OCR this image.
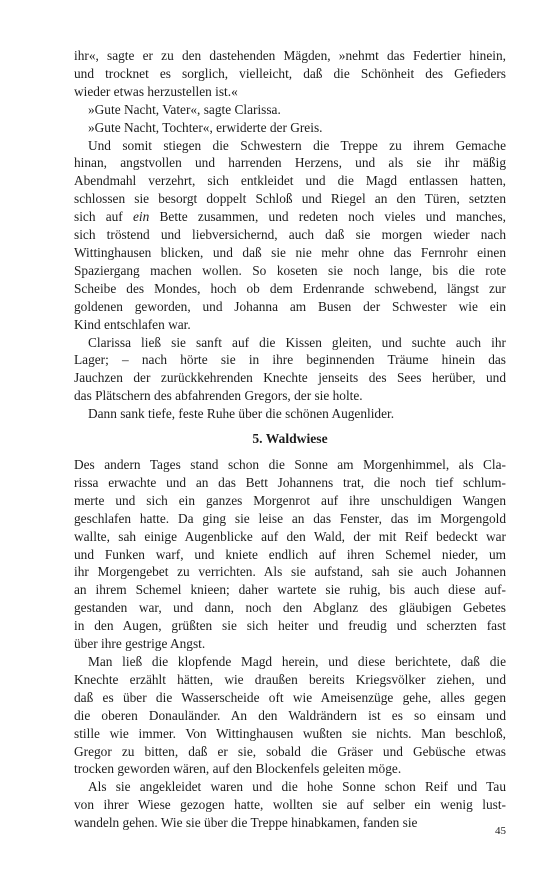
ihr«, sagte er zu den dastehenden Mägden, »nehmt das Federtier hinein,
und trocknet es sorglich, vielleicht, daß die Schönheit des Gefieders
wieder etwas herzustellen ist.«
»Gute Nacht, Vater«, sagte Clarissa.
»Gute Nacht, Tochter«, erwiderte der Greis.
Und somit stiegen die Schwestern die Treppe zu ihrem Gemache
hinan, angstvollen und harrenden Herzens, und als sie ihr mäßig
Abendmahl verzehrt, sich entkleidet und die Magd entlassen hatten,
schlossen sie besorgt doppelt Schloß und Riegel an den Türen, setzten
sich auf ein Bette zusammen, und redeten noch vieles und manches,
sich tröstend und liebversichernd, auch daß sie morgen wieder nach
Wittinghausen blicken, und daß sie nie mehr ohne das Fernrohr einen
Spaziergang machen wollen. So koseten sie noch lange, bis die rote
Scheibe des Mondes, hoch ob dem Erdenrande schwebend, längst zur
goldenen geworden, und Johanna am Busen der Schwester wie ein
Kind entschlafen war.
Clarissa ließ sie sanft auf die Kissen gleiten, und suchte auch ihr
Lager; – nach hörte sie in ihre beginnenden Träume hinein das
Jauchzen der zurückkehrenden Knechte jenseits des Sees herüber, und
das Plätschern des abfahrenden Gregors, der sie holte.
Dann sank tiefe, feste Ruhe über die schönen Augenlider.
5. Waldwiese
Des andern Tages stand schon die Sonne am Morgenhimmel, als Cla-
rissa erwachte und an das Bett Johannens trat, die noch tief schlum-
merte und sich ein ganzes Morgenrot auf ihre unschuldigen Wangen
geschlafen hatte. Da ging sie leise an das Fenster, das im Morgengold
wallte, sah einige Augenblicke auf den Wald, der mit Reif bedeckt war
und Funken warf, und kniete endlich auf ihren Schemel nieder, um
ihr Morgengebet zu verrichten. Als sie aufstand, sah sie auch Johannen
an ihrem Schemel knieen; daher wartete sie ruhig, bis auch diese auf-
gestanden war, und dann, noch den Abglanz des gläubigen Gebetes
in den Augen, grüßten sie sich heiter und freudig und scherzten fast
über ihre gestrige Angst.
Man ließ die klopfende Magd herein, und diese berichtete, daß die
Knechte erzählt hätten, wie draußen bereits Kriegsvölker ziehen, und
daß es über die Wasserscheide oft wie Ameisenzüge gehe, alles gegen
die oberen Donauländer. An den Waldrändern ist es so einsam und
stille wie immer. Von Wittinghausen wußten sie nichts. Man beschloß,
Gregor zu bitten, daß er sie, sobald die Gräser und Gebüsche etwas
trocken geworden wären, auf den Blockenfels geleiten möge.
Als sie angekleidet waren und die hohe Sonne schon Reif und Tau
von ihrer Wiese gezogen hatte, wollten sie auf selber ein wenig lust-
wandeln gehen. Wie sie über die Treppe hinabkamen, fanden sie
45
